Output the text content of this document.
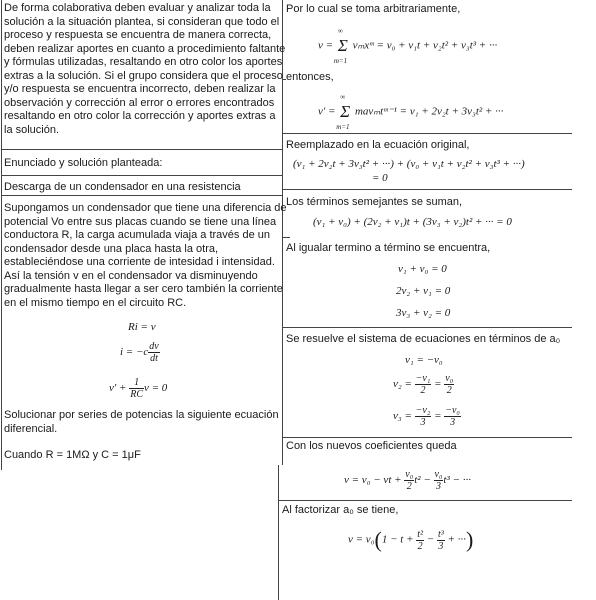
De forma colaborativa deben evaluar y analizar toda la
solución a la situación plantea, si consideran que todo el
proceso y respuesta se encuentra de manera correcta,
deben realizar aportes en cuanto a procedimiento faltante
y fórmulas utilizadas, resaltando en otro color los aportes
extras a la solución. Si el grupo considera que el proceso
y/o respuesta se encuentra incorrecto, deben realizar la
observación y corrección al error o errores encontrados
resaltando en otro color la corrección y aportes extras a
la solución.
Enunciado y solución planteada:
Descarga de un condensador en una resistencia
Supongamos un condensador que tiene una diferencia de
potencial Vo entre sus placas cuando se tiene una línea
conductora R, la carga acumulada viaja a través de un
condensador desde una placa hasta la otra,
estableciéndose una corriente de intesidad i intensidad.
Así la tensión v en el condensador va disminuyendo
gradualmente hasta llegar a ser cero también la corriente
en el mismo tiempo en el circuito RC.
Ri = v
$i = -c \frac{dv}{dt}$
$v' + \frac{1}{RC}$ v = 0
Solucionar por series de potencias la siguiente ecuación
diferencial.
Cuando R = 1MΩ y C = 1μF
Por lo cual se toma arbitrariamente,
v =
∞
Σ
m=1
vₘxᵐ = v₀ + v₁t + v₂t² + v₃t³ + ···
entonces,
v′ =
∞
Σ
m=1
mavₘtᵐ⁻¹ = v₁ + 2v₂t + 3v₃t² + ···
Reemplazado en la ecuación original,
(v₁ + 2v₂t + 3v₃t² + ···) + (v₀ + v₁t + v₂t² + v₃t³ + ···)
= 0
Los términos semejantes se suman,
(v₁ + v₀) + (2v₂ + v₁)t + (3v₃ + v₂)t² + ··· = 0
Al igualar termino a término se encuentra,
v₁ + v₀ = 0
2v₂ + v₁ = 0
3v₃ + v₂ = 0
Se resuelve el sistema de ecuaciones en términos de a₀
v₁ = −v₀
$v_2 = \frac{\text{−v₁}}{2} = \frac{\text{v₀}}{2}$
$v_3 = \frac{\text{−v₂}}{3} = \frac{\text{−v₀}}{3}$
Con los nuevos coeficientes queda
v = v₀ − vt + $\frac{\text{v₀}}{2} t^2 - \frac{\text{v₀}}{3} t^3$ − ···
Al factorizar a₀ se tiene,
$v = v_0(1 - t + \frac{\text{t²}}{2} - \frac{\text{t³}}{3}$ + ···)
